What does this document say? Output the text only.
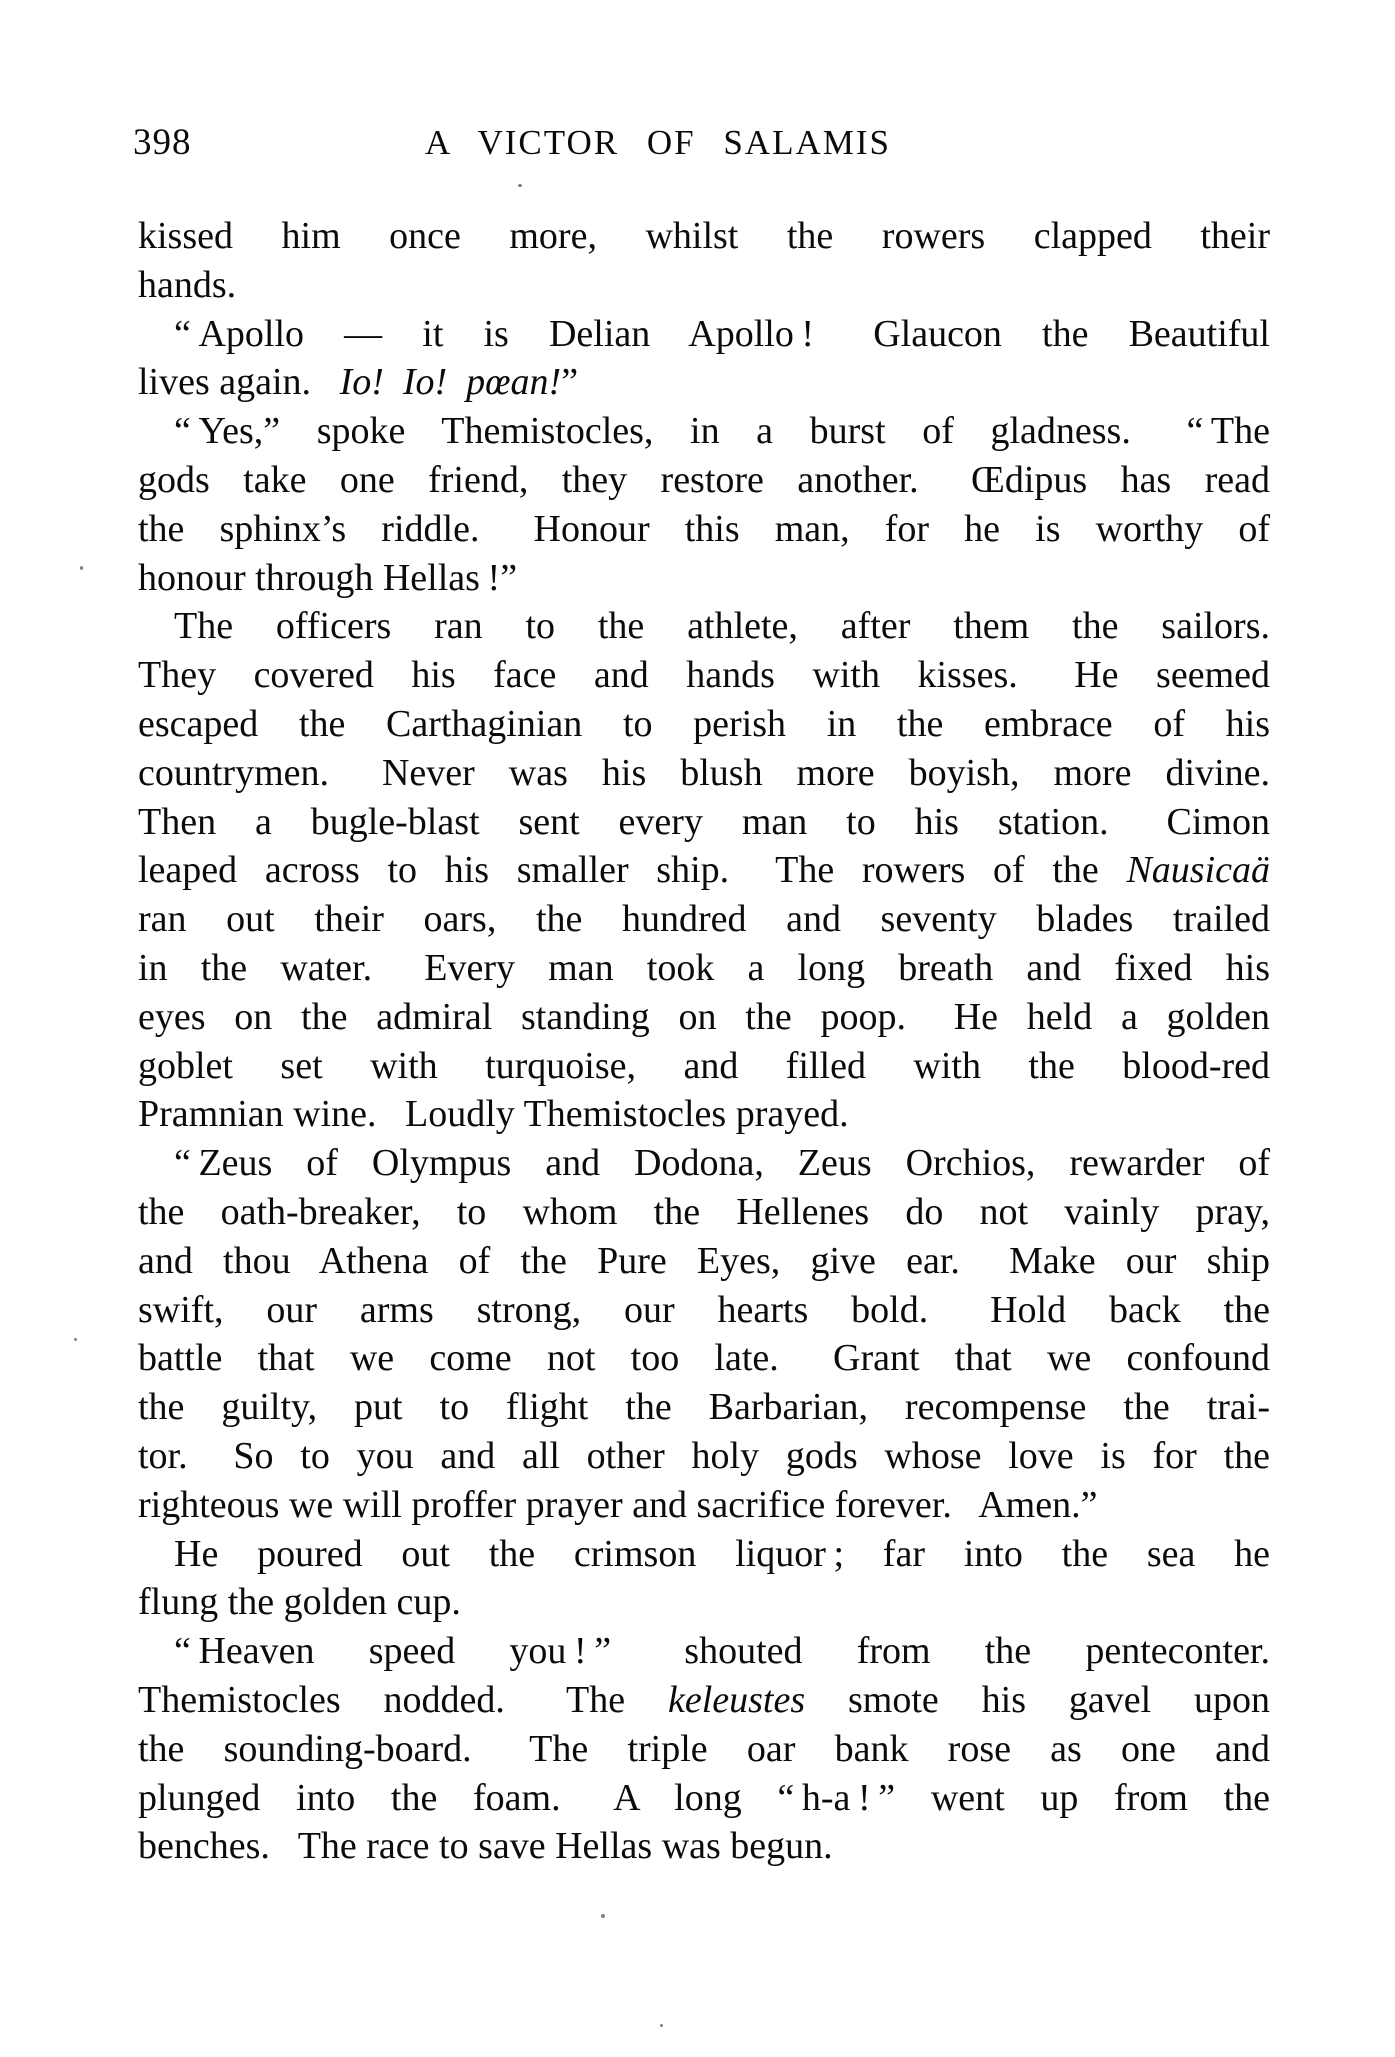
398	A VICTOR OF SALAMIS
kissed him once more, whilst the rowers clapped their
hands.
“ Apollo — it is Delian Apollo !  Glaucon the Beautiful
lives again.  Io! Io! pœan!”
“ Yes,” spoke Themistocles, in a burst of gladness.  “ The
gods take one friend, they restore another.  Œdipus has read
the sphinx’s riddle.  Honour this man, for he is worthy of
honour through Hellas !”
The officers ran to the athlete, after them the sailors.
They covered his face and hands with kisses.  He seemed
escaped the Carthaginian to perish in the embrace of his
countrymen.  Never was his blush more boyish, more divine.
Then a bugle-blast sent every man to his station.  Cimon
leaped across to his smaller ship.  The rowers of the Nausicaä
ran out their oars, the hundred and seventy blades trailed
in the water.  Every man took a long breath and fixed his
eyes on the admiral standing on the poop.  He held a golden
goblet set with turquoise, and filled with the blood-red
Pramnian wine.  Loudly Themistocles prayed.
“ Zeus of Olympus and Dodona, Zeus Orchios, rewarder of
the oath-breaker, to whom the Hellenes do not vainly pray,
and thou Athena of the Pure Eyes, give ear.  Make our ship
swift, our arms strong, our hearts bold.  Hold back the
battle that we come not too late.  Grant that we confound
the guilty, put to flight the Barbarian, recompense the trai-
tor.  So to you and all other holy gods whose love is for the
righteous we will proffer prayer and sacrifice forever.  Amen.”
He poured out the crimson liquor ; far into the sea he
flung the golden cup.
“ Heaven speed you ! ”  shouted from the penteconter.
Themistocles nodded.  The keleustes smote his gavel upon
the sounding-board.  The triple oar bank rose as one and
plunged into the foam.  A long “ h-a ! ” went up from the
benches.  The race to save Hellas was begun.
